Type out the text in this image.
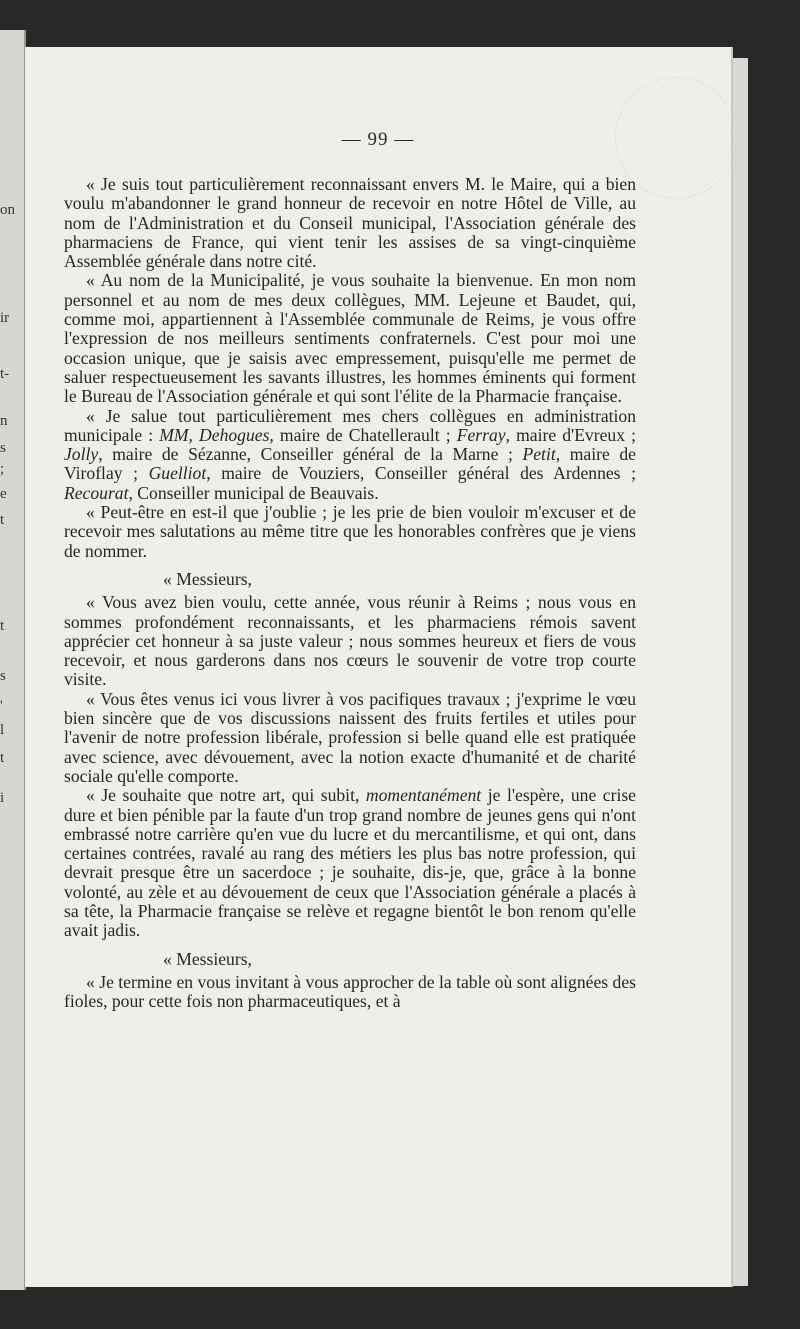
on
ir
t-
n
s
;
e
t
t
s
'
l
t
i
— 99 —

« Je suis tout particulièrement reconnaissant envers M. le Maire, qui a bien voulu m'abandonner le grand honneur de recevoir en notre Hôtel de Ville, au nom de l'Administration et du Conseil municipal, l'Association générale des pharmaciens de France, qui vient tenir les assises de sa vingt-cinquième Assemblée générale dans notre cité.

« Au nom de la Municipalité, je vous souhaite la bienvenue. En mon nom personnel et au nom de mes deux collègues, MM. Lejeune et Baudet, qui, comme moi, appartiennent à l'Assemblée communale de Reims, je vous offre l'expression de nos meilleurs sentiments confraternels. C'est pour moi une occasion unique, que je saisis avec empressement, puisqu'elle me permet de saluer respectueusement les savants illustres, les hommes éminents qui forment le Bureau de l'Association générale et qui sont l'élite de la Pharmacie française.

« Je salue tout particulièrement mes chers collègues en administration municipale : MM, Dehogues, maire de Chatellerault ; Ferray, maire d'Evreux ; Jolly, maire de Sézanne, Conseiller général de la Marne ; Petit, maire de Viroflay ; Guelliot, maire de Vouziers, Conseiller général des Ardennes ; Recourat, Conseiller municipal de Beauvais.

« Peut-être en est-il que j'oublie ; je les prie de bien vouloir m'excuser et de recevoir mes salutations au même titre que les honorables confrères que je viens de nommer.

« Messieurs,

« Vous avez bien voulu, cette année, vous réunir à Reims ; nous vous en sommes profondément reconnaissants, et les pharmaciens rémois savent apprécier cet honneur à sa juste valeur ; nous sommes heureux et fiers de vous recevoir, et nous garderons dans nos cœurs le souvenir de votre trop courte visite.

« Vous êtes venus ici vous livrer à vos pacifiques travaux ; j'exprime le vœu bien sincère que de vos discussions naissent des fruits fertiles et utiles pour l'avenir de notre profession libérale, profession si belle quand elle est pratiquée avec science, avec dévouement, avec la notion exacte d'humanité et de charité sociale qu'elle comporte.

« Je souhaite que notre art, qui subit, momentanément je l'espère, une crise dure et bien pénible par la faute d'un trop grand nombre de jeunes gens qui n'ont embrassé notre carrière qu'en vue du lucre et du mercantilisme, et qui ont, dans certaines contrées, ravalé au rang des métiers les plus bas notre profession, qui devrait presque être un sacerdoce ; je souhaite, dis-je, que, grâce à la bonne volonté, au zèle et au dévouement de ceux que l'Association générale a placés à sa tête, la Pharmacie française se relève et regagne bientôt le bon renom qu'elle avait jadis.

« Messieurs,

« Je termine en vous invitant à vous approcher de la table où sont alignées des fioles, pour cette fois non pharmaceutiques, et à
